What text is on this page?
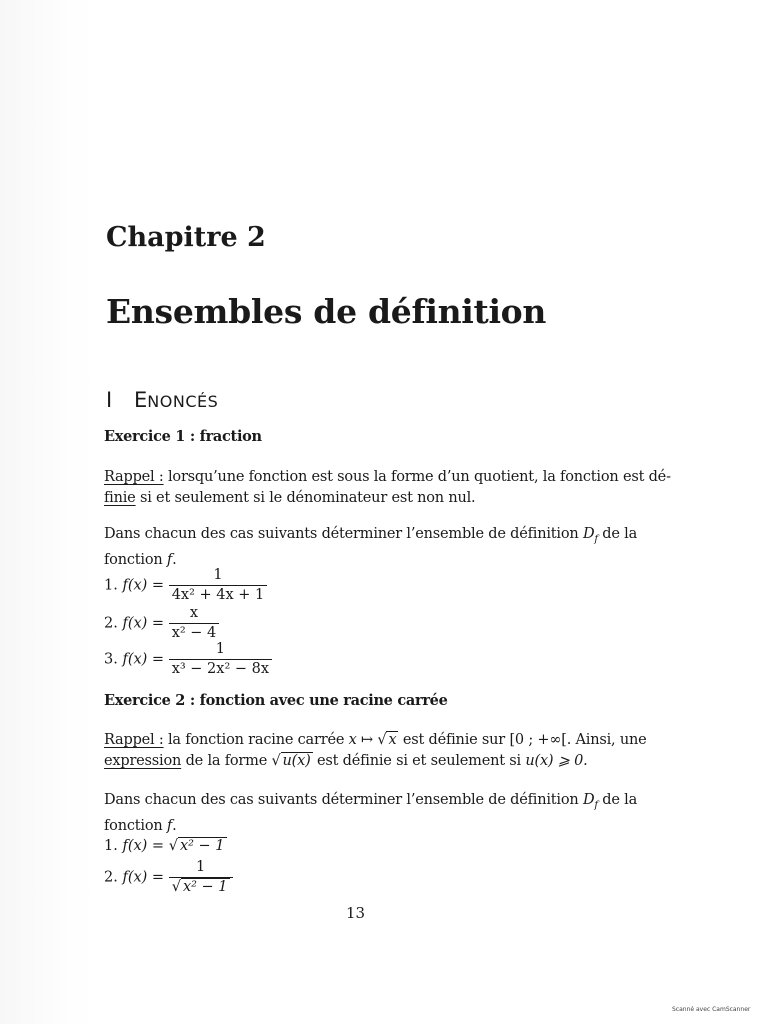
Chapitre 2
Ensembles de définition
I ENONCÉS
Exercice 1 : fraction

Rappel : lorsqu’une fonction est sous la forme d’un quotient, la fonction est dé-

finie si et seulement si le dénominateur est non nul.

Dans chacun des cas suivants déterminer l’ensemble de définition $D_f$ de la

fonction f.

1. $f(x) = \frac{1}{\text{4x² + 4x + 1}}$
2. $f(x) = \frac{x}{\text{x² − 4}}$
3. $f(x) = \frac{1}{\text{x³ − 2x² − 8x}}$
Exercice 2 : fonction avec une racine carrée

Rappel : la fonction racine carrée x ↦ √ x est définie sur [0 ; +∞[. Ainsi, une

expression de la forme √ u(x) est définie si et seulement si u(x) ⩾ 0.

Dans chacun des cas suivants déterminer l’ensemble de définition $D_f$ de la

fonction f.

1. f(x) = √ x² − 1
2. $f(x) = \frac{1}{\text{√ x² − 1}}$
13
Scanné avec CamScanner
